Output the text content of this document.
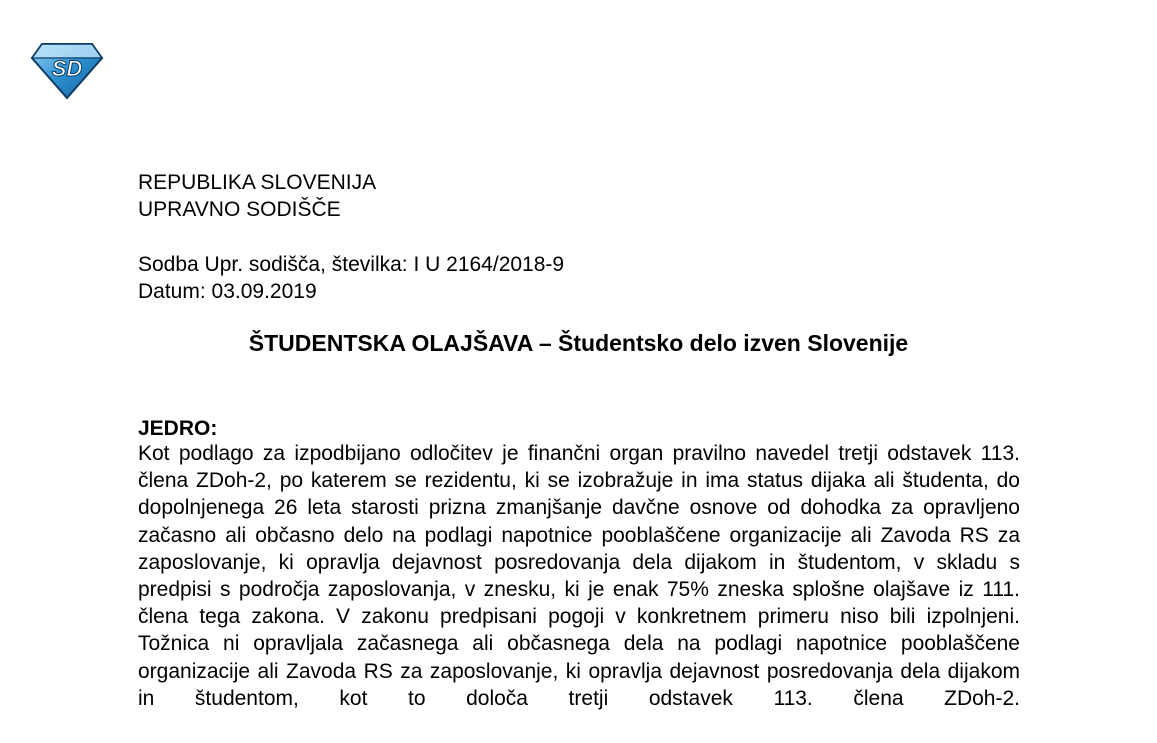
SD
REPUBLIKA SLOVENIJA
UPRAVNO SODIŠČE
Sodba Upr. sodišča, številka: I U 2164/2018-9
Datum: 03.09.2019
ŠTUDENTSKA OLAJŠAVA – Študentsko delo izven Slovenije
JEDRO:
Kot podlago za izpodbijano odločitev je finančni organ pravilno navedel tretji odstavek 113. člena ZDoh-2, po katerem se rezidentu, ki se izobražuje in ima status dijaka ali študenta, do dopolnjenega 26 leta starosti prizna zmanjšanje davčne osnove od dohodka za opravljeno začasno ali občasno delo na podlagi napotnice pooblaščene organizacije ali Zavoda RS za zaposlovanje, ki opravlja dejavnost posredovanja dela dijakom in študentom, v skladu s predpisi s področja zaposlovanja, v znesku, ki je enak 75% zneska splošne olajšave iz 111. člena tega zakona. V zakonu predpisani pogoji v konkretnem primeru niso bili izpolnjeni. Tožnica ni opravljala začasnega ali občasnega dela na podlagi napotnice pooblaščene organizacije ali Zavoda RS za zaposlovanje, ki opravlja dejavnost posredovanja dela dijakom in študentom, kot to določa tretji odstavek 113. člena ZDoh-2.
